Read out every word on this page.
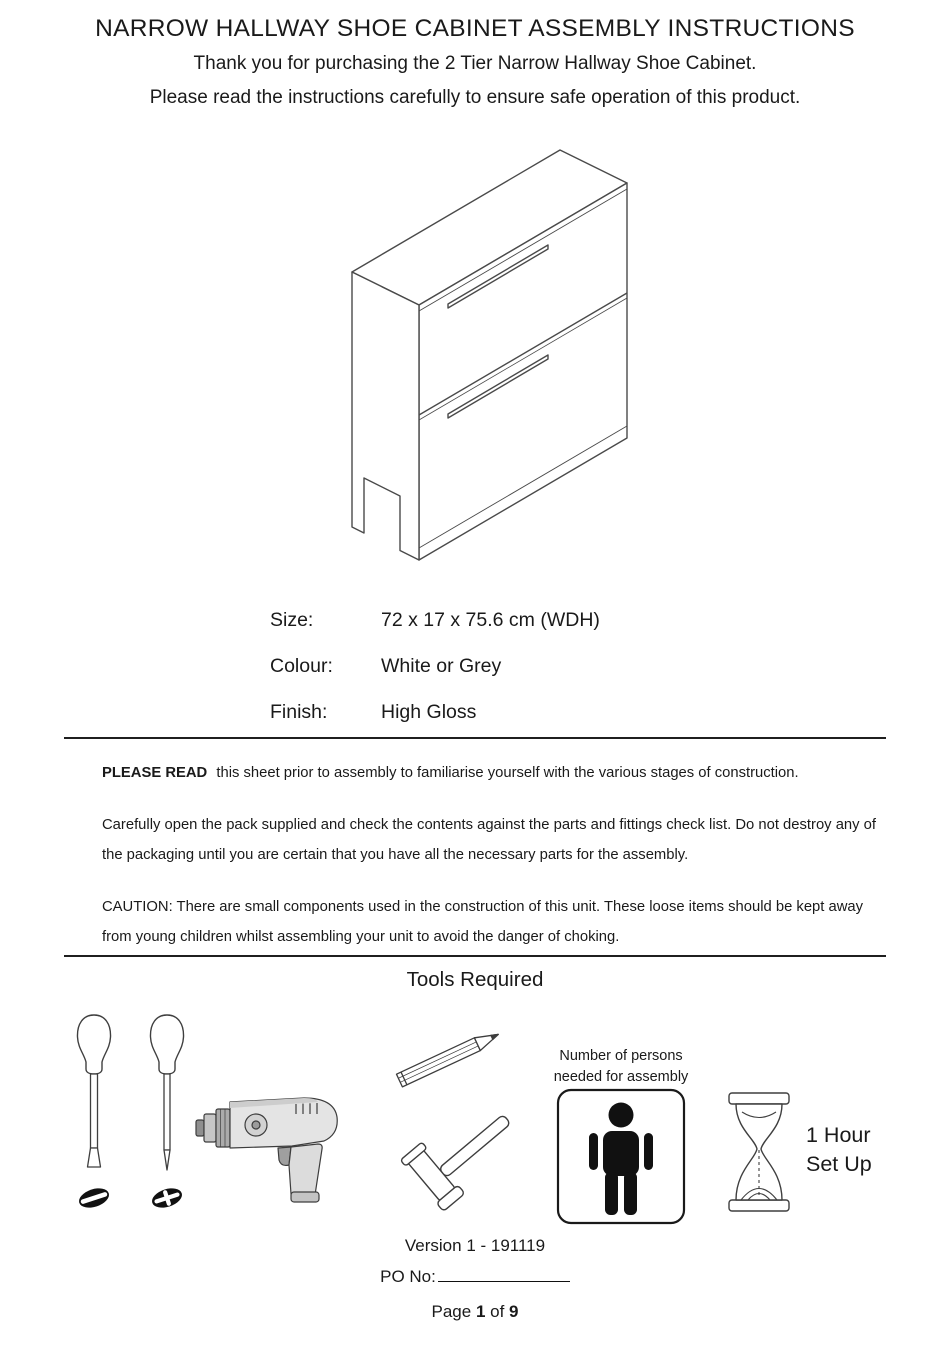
NARROW HALLWAY SHOE CABINET ASSEMBLY INSTRUCTIONS
Thank you for purchasing the 2 Tier Narrow Hallway Shoe Cabinet.
Please read the instructions carefully to ensure safe operation of this product.
Size:	72 x 17 x 75.6 cm (WDH)
Colour: White or Grey
Finish:	High Gloss

PLEASE READ this sheet prior to assembly to familiarise yourself with the various stages of construction.

Carefully open the pack supplied and check the contents against the parts and fittings check list. Do not destroy any of the packaging until you are certain that you have all the necessary parts for the assembly.

CAUTION: There are small components used in the construction of this unit. These loose items should be kept away from young children whilst assembling your unit to avoid the danger of choking.

Tools Required
Number of persons
needed for assembly
1 Hour
Set Up
Version 1 - 191119
PO No:
Page 1 of 9
